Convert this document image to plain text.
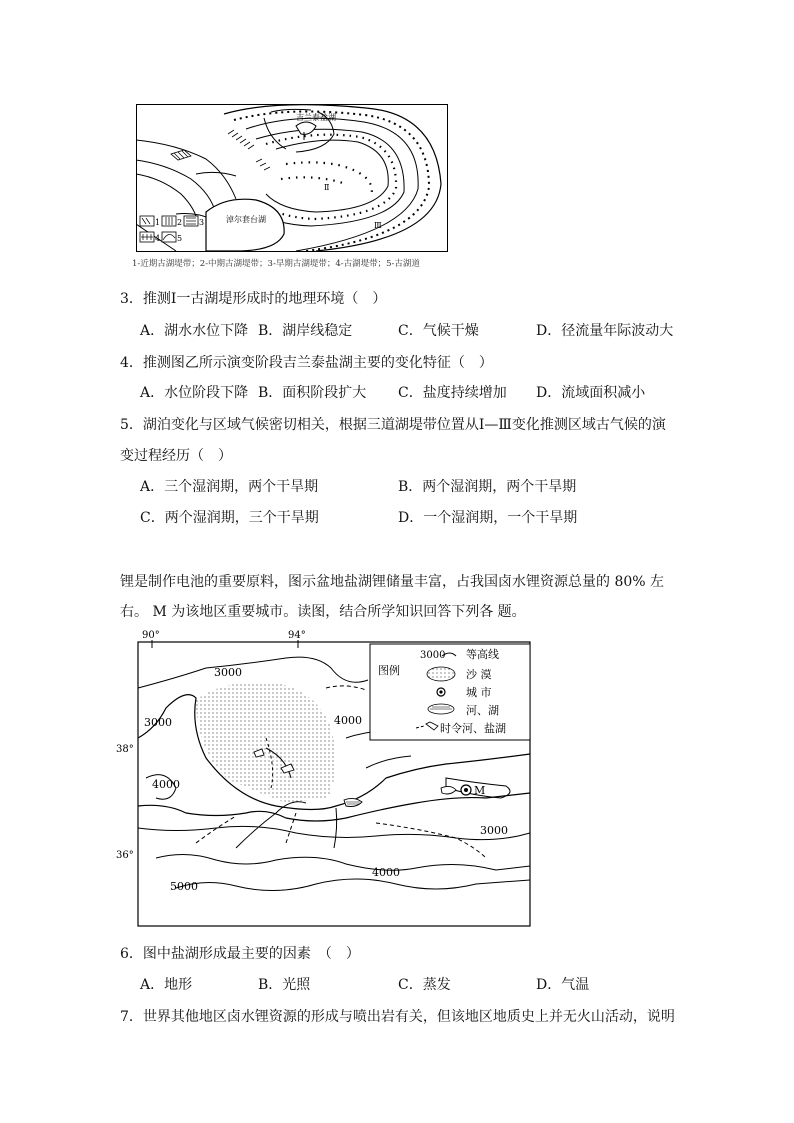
1 2 3
4 5
吉兰泰盐湖
淖尔套台湖
Ⅱ
Ⅲ
1-近期古湖堤带；2-中期古湖堤带；3-早期古湖堤带；4-古湖堤带；5-古湖道
3．推测Ⅰ一古湖堤形成时的地理环境（　）
A．湖水水位下降 B．湖岸线稳定	C．气候干燥	D．径流量年际波动大
4．推测图乙所示演变阶段吉兰泰盐湖主要的变化特征（　）
A．水位阶段下降 B．面积阶段扩大 C．盐度持续增加 D．流域面积减小
5．湖泊变化与区域气候密切相关，根据三道湖堤带位置从Ⅰ—Ⅲ变化推测区域古气候的演
变过程经历（　）
A．三个湿润期，两个干旱期	B．两个湿润期，两个干旱期
C．两个湿润期，三个干旱期	D．一个湿润期，一个干旱期
锂是制作电池的重要原料，图示盆地盐湖锂储量丰富，占我国卤水锂资源总量的 80% 左
右。 M 为该地区重要城市。读图，结合所学知识回答下列各 题。
90°	94°
38°
36°
M
3000
3000	4000
4000
4000
3000
5000
图例
3000 等高线
沙 漠
城 市
河、湖
时令河、盐湖
6．图中盐湖形成最主要的因素　（　）
A．地形	B．光照	C．蒸发	D．气温
7．世界其他地区卤水锂资源的形成与喷出岩有关，但该地区地质史上并无火山活动，说明
